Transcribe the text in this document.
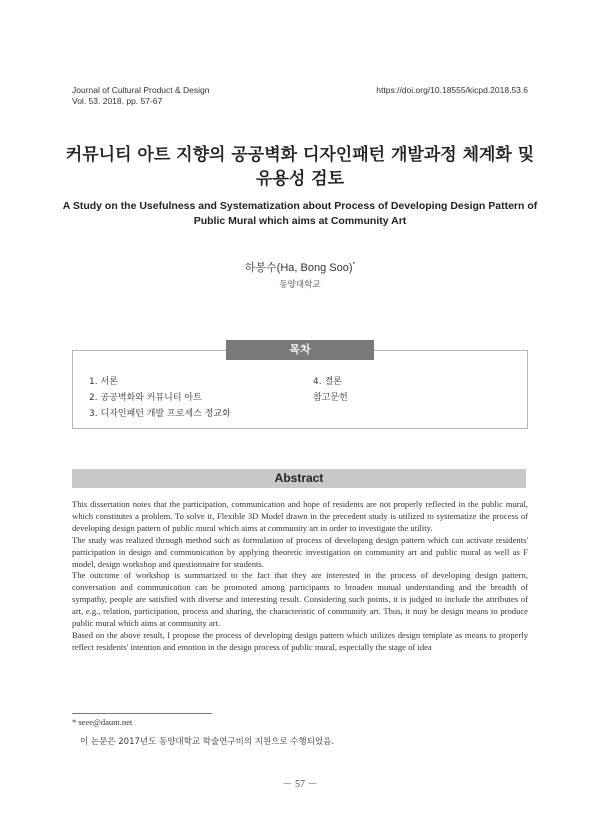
Journal of Cultural Product & Design
Vol. 53. 2018. pp. 57-67
https://doi.org/10.18555/kicpd.2018.53.6
커뮤니티 아트 지향의 공공벽화 디자인패턴 개발과정 체계화 및
유용성 검토
A Study on the Usefulness and Systematization about Process of Developing Design Pattern of
Public Mural which aims at Community Art
하봉수(Ha, Bong Soo)*
동양대학교
목차
1. 서론
2. 공공벽화와 커뮤니티 아트
3. 디자인패턴 개발 프로세스 정교화
4. 결론
참고문헌
Abstract

This dissertation notes that the participation, communication and hope of residents are not properly reflected in the public mural, which constitutes a problem. To solve it, Flexible 3D Model drawn in the precedent study is utilized to systematize the process of developing design pattern of public mural which aims at community art in order to investigate the utility.

The study was realized through method such as formulation of process of developing design pattern which can activate residents' participation in design and communication by applying theoretic investigation on community art and public mural as well as F model, design workshop and questionnaire for students.

The outcome of workshop is summarized to the fact that they are interested in the process of developing design pattern, conversation and communication can be promoted among participants to broaden mutual understanding and the breadth of sympathy, people are satisfied with diverse and interesting result. Considering such points, it is judged to include the attributes of art, e.g., relation, participation, process and sharing, the characteristic of community art. Thus, it may be design means to produce public mural which aims at community art.

Based on the above result, I propose the process of developing design pattern which utilizes design template as means to properly reflect residents' intention and emotion in the design process of public mural, especially the stage of idea

* seee@daum.net
이 논문은 2017년도 동양대학교 학술연구비의 지원으로 수행되었음.
－ 57 －
